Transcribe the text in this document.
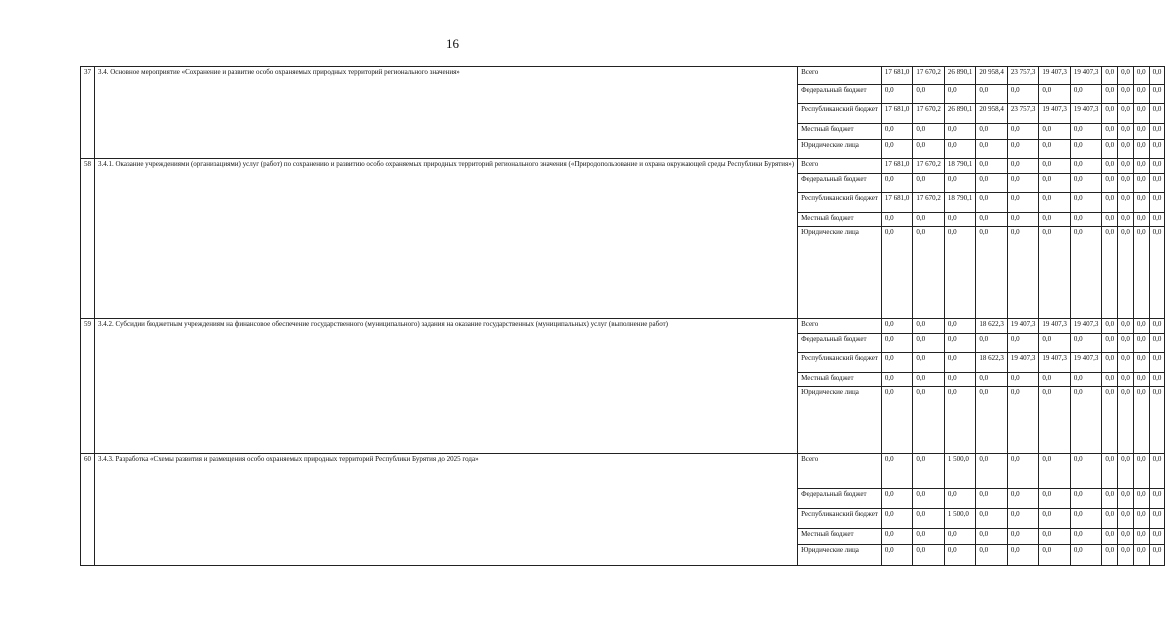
16
37	3.4. Основное мероприятие «Сохранение и развитие особо охраняемых природных территорий регионального значения»	Всего	17 681,0	17 670,2	26 890,1	20 958,4	23 757,3	19 407,3	19 407,3	0,0	0,0	0,0	0,0
		Федеральный бюджет	0,0	0,0	0,0	0,0	0,0	0,0	0,0	0,0	0,0	0,0	0,0
		Республиканский бюджет	17 681,0	17 670,2	26 890,1	20 958,4	23 757,3	19 407,3	19 407,3	0,0	0,0	0,0	0,0
		Местный бюджет	0,0	0,0	0,0	0,0	0,0	0,0	0,0	0,0	0,0	0,0	0,0
		Юридические лица	0,0	0,0	0,0	0,0	0,0	0,0	0,0	0,0	0,0	0,0	0,0
58	3.4.1. Оказание учреждениями (организациями) услуг (работ) по сохранению и развитию особо охраняемых природных территорий регионального значения («Природопользование и охрана окружающей среды Республики Бурятия»)	Всего	17 681,0	17 670,2	18 790,1	0,0	0,0	0,0	0,0	0,0	0,0	0,0	0,0
		Федеральный бюджет	0,0	0,0	0,0	0,0	0,0	0,0	0,0	0,0	0,0	0,0	0,0
		Республиканский бюджет	17 681,0	17 670,2	18 790,1	0,0	0,0	0,0	0,0	0,0	0,0	0,0	0,0
		Местный бюджет	0,0	0,0	0,0	0,0	0,0	0,0	0,0	0,0	0,0	0,0	0,0
		Юридические лица	0,0	0,0	0,0	0,0	0,0	0,0	0,0	0,0	0,0	0,0	0,0
59	3.4.2. Субсидии бюджетным учреждениям на финансовое обеспечение государственного (муниципального) задания на оказание государственных (муниципальных) услуг (выполнение работ)	Всего	0,0	0,0	0,0	18 622,3	19 407,3	19 407,3	19 407,3	0,0	0,0	0,0	0,0
		Федеральный бюджет	0,0	0,0	0,0	0,0	0,0	0,0	0,0	0,0	0,0	0,0	0,0
		Республиканский бюджет	0,0	0,0	0,0	18 622,3	19 407,3	19 407,3	19 407,3	0,0	0,0	0,0	0,0
		Местный бюджет	0,0	0,0	0,0	0,0	0,0	0,0	0,0	0,0	0,0	0,0	0,0
		Юридические лица	0,0	0,0	0,0	0,0	0,0	0,0	0,0	0,0	0,0	0,0	0,0
60	3.4.3. Разработка «Схемы развития и размещения особо охраняемых природных территорий Республики Бурятия до 2025 года»	Всего	0,0	0,0	1 500,0	0,0	0,0	0,0	0,0	0,0	0,0	0,0	0,0
		Федеральный бюджет	0,0	0,0	0,0	0,0	0,0	0,0	0,0	0,0	0,0	0,0	0,0
		Республиканский бюджет	0,0	0,0	1 500,0	0,0	0,0	0,0	0,0	0,0	0,0	0,0	0,0
		Местный бюджет	0,0	0,0	0,0	0,0	0,0	0,0	0,0	0,0	0,0	0,0	0,0
		Юридические лица	0,0	0,0	0,0	0,0	0,0	0,0	0,0	0,0	0,0	0,0	0,0
